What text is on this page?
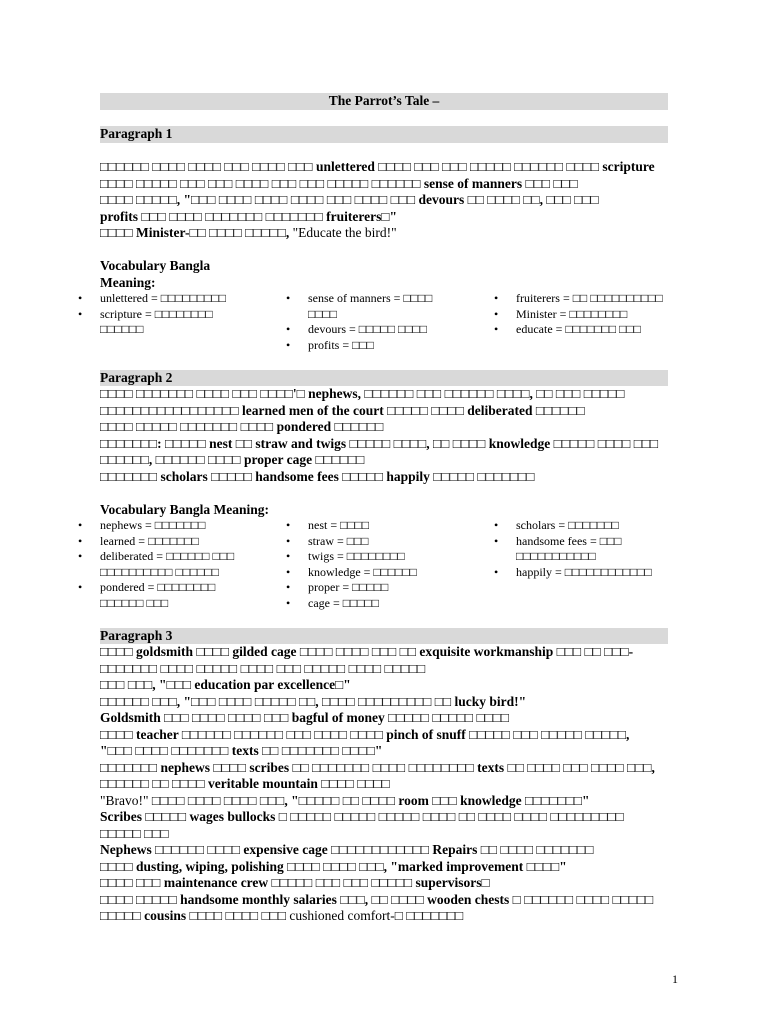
The Parrot’s Tale –
Paragraph 1
□□□□□□ □□□□ □□□□ □□□ □□□□ □□□ unlettered □□□□ □□□ □□□ □□□□□ □□□□□□ □□□□ scripture
□□□□ □□□□□ □□□ □□□ □□□□ □□□ □□□ □□□□□ □□□□□□ sense of manners □□□ □□□
□□□□ □□□□□, "□□□ □□□□ □□□□ □□□□ □□□ □□□□ □□□ devours □□ □□□□ □□, □□□ □□□
profits □□□ □□□□ □□□□□□□ □□□□□□□ fruiterers□"
□□□□ Minister-□□ □□□□ □□□□□, "Educate the bird!"
Vocabulary Bangla Meaning:
• unlettered = □□□□□□□□□
• scripture = □□□□□□□□ □□□□□□
• sense of manners = □□□□ □□□□
• devours = □□□□□ □□□□
• profits = □□□
• fruiterers = □□ □□□□□□□□□□
• Minister = □□□□□□□□
• educate = □□□□□□□ □□□
Paragraph 2
□□□□ □□□□□□□ □□□□ □□□ □□□□'□ nephews, □□□□□□ □□□ □□□□□□ □□□□, □□ □□□ □□□□□
□□□□□□□□□□□□□□□□□ learned men of the court □□□□□ □□□□ deliberated □□□□□□
□□□□ □□□□□ □□□□□□□ □□□□ pondered □□□□□□
□□□□□□□: □□□□□ nest □□ straw and twigs □□□□□ □□□□, □□ □□□□ knowledge □□□□□ □□□□ □□□
□□□□□□, □□□□□□ □□□□ proper cage □□□□□□
□□□□□□□ scholars □□□□□ handsome fees □□□□□ happily □□□□□ □□□□□□□
Vocabulary Bangla Meaning:
• nephews = □□□□□□□
• learned = □□□□□□□
• deliberated = □□□□□□ □□□ □□□□□□□□□□ □□□□□□
• pondered = □□□□□□□□ □□□□□□ □□□
• nest = □□□□
• straw = □□□
• twigs = □□□□□□□□
• knowledge = □□□□□□
• proper = □□□□□
• cage = □□□□□
• scholars = □□□□□□□
• handsome fees = □□□ □□□□□□□□□□□
• happily = □□□□□□□□□□□□
Paragraph 3
□□□□ goldsmith □□□□ gilded cage □□□□ □□□□ □□□ □□ exquisite workmanship □□□ □□ □□□-
□□□□□□□ □□□□ □□□□□ □□□□ □□□ □□□□□ □□□□ □□□□□
□□□ □□□, "□□□ education par excellence□"
□□□□□□ □□□, "□□□ □□□□ □□□□□ □□, □□□□ □□□□□□□□□ □□ lucky bird!"
Goldsmith □□□ □□□□ □□□□ □□□ bagful of money □□□□□ □□□□□ □□□□
□□□□ teacher □□□□□□ □□□□□□ □□□ □□□□ □□□□ pinch of snuff □□□□□ □□□ □□□□□ □□□□□,
"□□□ □□□□ □□□□□□□ texts □□ □□□□□□□ □□□□"
□□□□□□□ nephews □□□□ scribes □□ □□□□□□□ □□□□ □□□□□□□□ texts □□ □□□□ □□□ □□□□ □□□,
□□□□□□ □□ □□□□ veritable mountain □□□□ □□□□
"Bravo!" □□□□ □□□□ □□□□ □□□, "□□□□□ □□ □□□□ room □□□ knowledge □□□□□□□"
Scribes □□□□□ wages bullocks □ □□□□□ □□□□□ □□□□□ □□□□ □□ □□□□ □□□□ □□□□□□□□□
□□□□□ □□□
Nephews □□□□□□ □□□□ expensive cage □□□□□□□□□□□□ Repairs □□ □□□□ □□□□□□□
□□□□ dusting, wiping, polishing □□□□ □□□□ □□□, "marked improvement □□□□"
□□□□ □□□ maintenance crew □□□□□ □□□ □□□ □□□□□ supervisors□
□□□□ □□□□□ handsome monthly salaries □□□, □□ □□□□ wooden chests □ □□□□□□ □□□□ □□□□□
□□□□□ cousins □□□□ □□□□ □□□ cushioned comfort-□ □□□□□□□
1
